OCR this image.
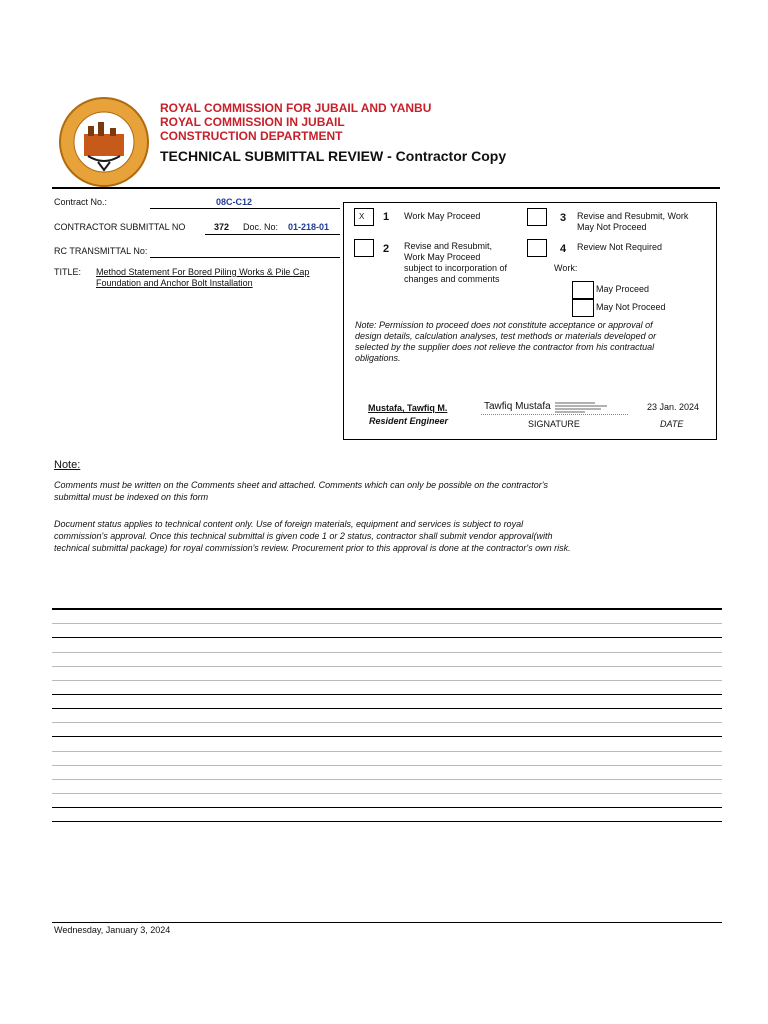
ROYAL COMMISSION FOR JUBAIL AND YANBU
ROYAL COMMISSION IN JUBAIL
CONSTRUCTION DEPARTMENT
TECHNICAL SUBMITTAL REVIEW - Contractor Copy
Contract No.:	08C-C12
CONTRACTOR SUBMITTAL NO	372 Doc. No: 01-218-01
RC TRANSMITTAL No:
TITLE: Method Statement For Bored Piling Works & Pile Cap
Foundation and Anchor Bolt Installation
X 1 Work May Proceed	3 Revise and Resubmit, Work
May Not Proceed
2 Revise and Resubmit,
Work May Proceed
subject to incorporation of
changes and comments
4 Review Not Required
Work:
May Proceed
May Not Proceed
Note: Permission to proceed does not constitute acceptance or approval of
design details, calculation analyses, test methods or materials developed or
selected by the supplier does not relieve the contractor from his contractual
obligations.
Mustafa, Tawfiq M.
Resident Engineer
Tawfiq Mustafa
SIGNATURE
23 Jan. 2024
DATE
Note:
Comments must be written on the Comments sheet and attached. Comments which can only be possible on the contractor's
submittal must be indexed on this form
Document status applies to technical content only. Use of foreign materials, equipment and services is subject to royal
commission's approval. Once this technical submittal is given code 1 or 2 status, contractor shall submit vendor approval(with
technical submittal package) for royal commission's review. Procurement prior to this approval is done at the contractor's own risk.
Wednesday, January 3, 2024
